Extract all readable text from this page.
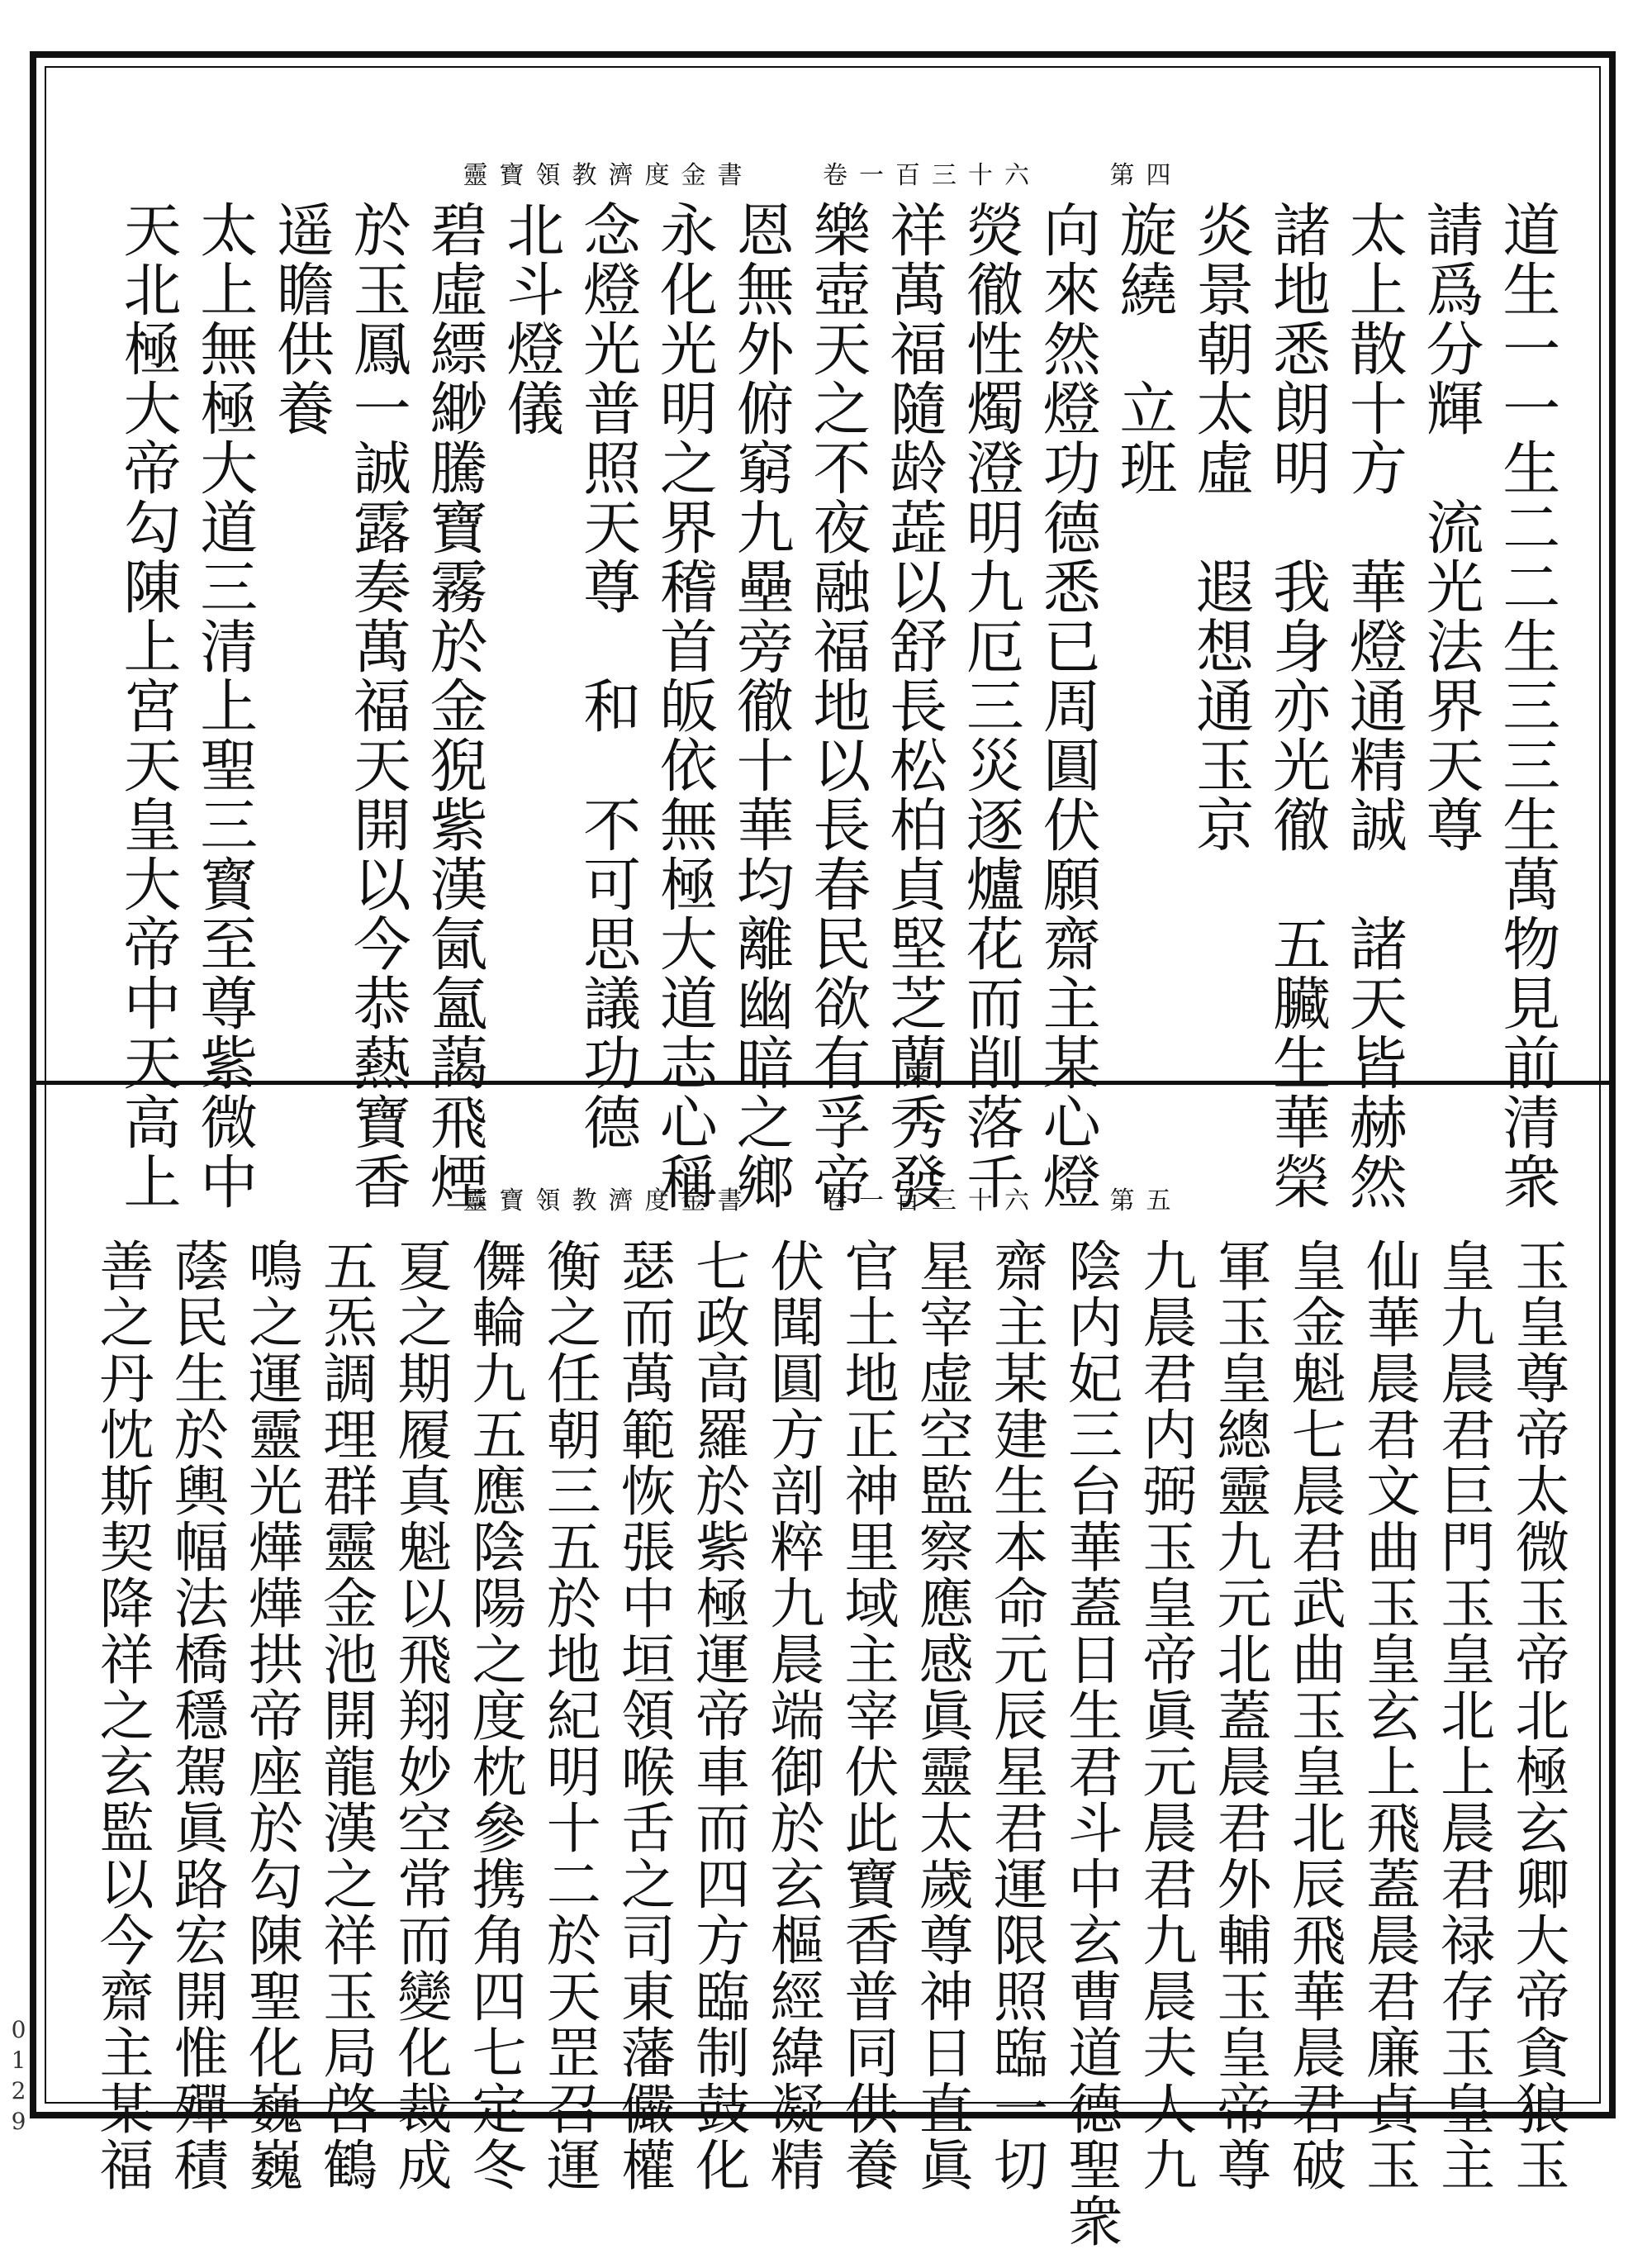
靈寶領教濟度金書	卷一百三十六	第四
道生一一生二二生三三生萬物見前清衆
請爲分輝　流光法界天尊
太上散十方　華燈通精誠　諸天皆赫然
諸地悉朗明　我身亦光徹　五臟生華榮
炎景朝太虛　遐想通玉京
旋繞　立班
向來然燈功德悉已周圓伏願齋主某心燈
熒徹性燭澄明九厄三災逐爐花而削落千
祥萬福隨龄蕋以舒長松柏貞堅芝蘭秀發
樂壺天之不夜融福地以長春民欲有孚帝
恩無外俯窮九壘旁徹十華均離幽暗之鄉
永化光明之界稽首皈依無極大道志心稱
念燈光普照天尊　和　不可思議功德
北斗燈儀
碧虛縹緲騰寶霧於金猊紫漢氤氳藹飛煙
於玉鳳一誠露奏萬福天開以今恭爇寶香
遥瞻供養
太上無極大道三清上聖三寳至尊紫微中
天北極大帝勾陳上宮天皇大帝中天高上	靈寶領教濟度金書	卷一百三十六	第五
玉皇尊帝太微玉帝北極玄卿大帝貪狼玉
皇九晨君巨門玉皇北上晨君禄存玉皇主
仙華晨君文曲玉皇玄上飛蓋晨君廉貞玉
皇金魁七晨君武曲玉皇北辰飛華晨君破
軍玉皇總靈九元北蓋晨君外輔玉皇帝尊
九晨君内弼玉皇帝眞元晨君九晨夫人九
陰内妃三台華蓋日生君斗中玄曹道德聖衆
齋主某建生本命元辰星君運限照臨一切
星宰虚空監察應感眞靈太歲尊神日直眞
官土地正神里域主宰伏此寶香普同供養
伏聞圓方剖粹九晨端御於玄樞經緯凝精
七政高羅於紫極運帝車而四方臨制鼓化
瑟而萬範恢張中垣領喉舌之司東藩儼權
衡之任朝三五於地紀明十二於天罡召運
儛輪九五應陰陽之度枕參携角四七定冬
夏之期履真魁以飛翔妙空常而變化裁成
五炁調理群靈金池開龍漢之祥玉局啓鶴
鳴之運靈光燁燁拱帝座於勾陳聖化巍巍
蔭民生於輿幅法橋穩駕眞路宏開惟殫積
善之丹忱斯契降祥之玄監以今齋主某福
0129
